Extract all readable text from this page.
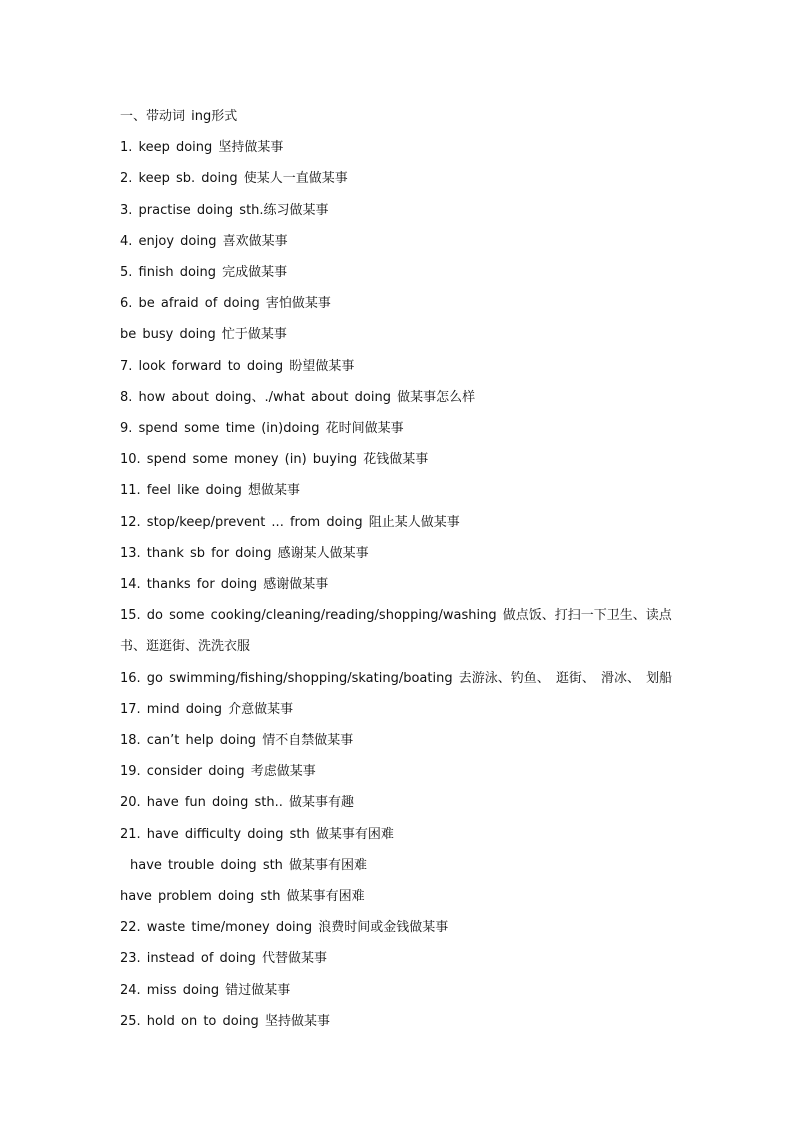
一、带动词 ing形式
1. keep doing 坚持做某事
2. keep sb. doing 使某人一直做某事
3. practise doing sth.练习做某事
4. enjoy doing 喜欢做某事
5. finish doing 完成做某事
6. be afraid of doing 害怕做某事
be busy doing 忙于做某事
7. look forward to doing 盼望做某事
8. how about doing、./what about doing 做某事怎么样
9. spend some time (in)doing 花时间做某事
10. spend some money (in) buying 花钱做某事
11. feel like doing 想做某事
12. stop/keep/prevent ... from doing 阻止某人做某事
13. thank sb for doing 感谢某人做某事
14. thanks for doing 感谢做某事
15. do some cooking/cleaning/reading/shopping/washing 做点饭、打扫一下卫生、读点书、逛逛街、洗洗衣服
16. go swimming/fishing/shopping/skating/boating 去游泳、钓鱼、 逛街、 滑冰、 划船
17. mind doing 介意做某事
18. can’t help doing 情不自禁做某事
19. consider doing 考虑做某事
20. have fun doing sth.. 做某事有趣
21. have difficulty doing sth 做某事有困难
have trouble doing sth 做某事有困难
have problem doing sth 做某事有困难
22. waste time/money doing 浪费时间或金钱做某事
23. instead of doing 代替做某事
24. miss doing 错过做某事
25. hold on to doing 坚持做某事
